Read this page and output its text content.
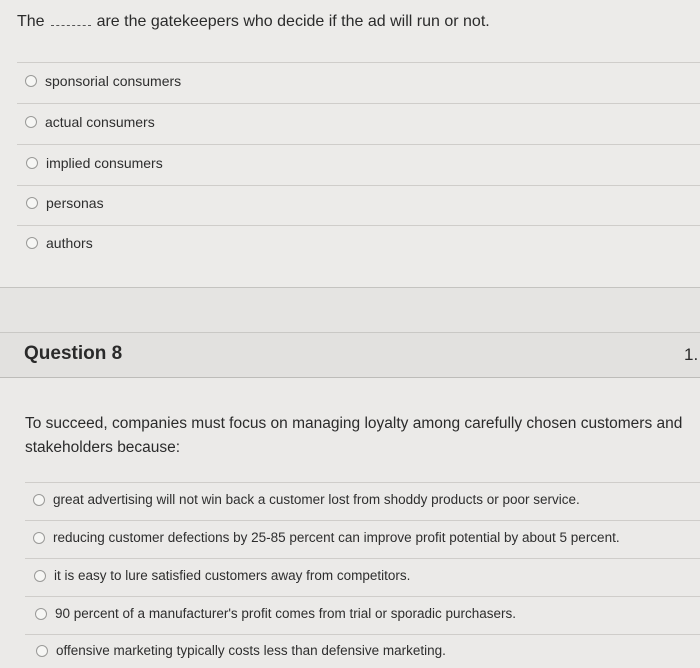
The	are the gatekeepers who decide if the ad will run or not.
sponsorial consumers
actual consumers
implied consumers
personas
authors
Question 8	1.
To succeed, companies must focus on managing loyalty among carefully chosen customers and stakeholders because:
great advertising will not win back a customer lost from shoddy products or poor service.
reducing customer defections by 25-85 percent can improve profit potential by about 5 percent.
it is easy to lure satisfied customers away from competitors.
90 percent of a manufacturer's profit comes from trial or sporadic purchasers.
offensive marketing typically costs less than defensive marketing.
